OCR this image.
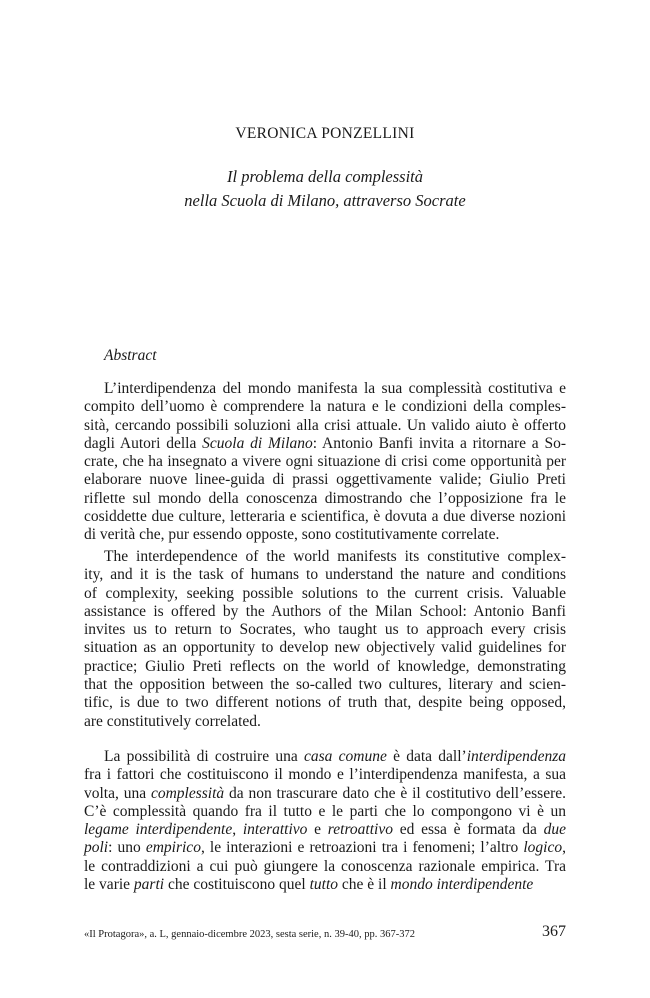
VERONICA PONZELLINI
Il problema della complessità
nella Scuola di Milano, attraverso Socrate
Abstract
L’interdipendenza del mondo manifesta la sua complessità costitutiva e
compito dell’uomo è comprendere la natura e le condizioni della comples-
sità, cercando possibili soluzioni alla crisi attuale. Un valido aiuto è offerto
dagli Autori della Scuola di Milano: Antonio Banfi invita a ritornare a So-
crate, che ha insegnato a vivere ogni situazione di crisi come opportunità per
elaborare nuove linee-guida di prassi oggettivamente valide; Giulio Preti
riflette sul mondo della conoscenza dimostrando che l’opposizione fra le
cosiddette due culture, letteraria e scientifica, è dovuta a due diverse nozioni
di verità che, pur essendo opposte, sono costitutivamente correlate.
The interdependence of the world manifests its constitutive complex-
ity, and it is the task of humans to understand the nature and conditions
of complexity, seeking possible solutions to the current crisis. Valuable
assistance is offered by the Authors of the Milan School: Antonio Banfi
invites us to return to Socrates, who taught us to approach every crisis
situation as an opportunity to develop new objectively valid guidelines for
practice; Giulio Preti reflects on the world of knowledge, demonstrating
that the opposition between the so-called two cultures, literary and scien-
tific, is due to two different notions of truth that, despite being opposed,
are constitutively correlated.
La possibilità di costruire una casa comune è data dall’interdipendenza
fra i fattori che costituiscono il mondo e l’interdipendenza manifesta, a sua
volta, una complessità da non trascurare dato che è il costitutivo dell’essere.
C’è complessità quando fra il tutto e le parti che lo compongono vi è un
legame interdipendente, interattivo e retroattivo ed essa è formata da due
poli: uno empirico, le interazioni e retroazioni tra i fenomeni; l’altro logico,
le contraddizioni a cui può giungere la conoscenza razionale empirica. Tra
le varie parti che costituiscono quel tutto che è il mondo interdipendente
«Il Protagora», a. L, gennaio-dicembre 2023, sesta serie, n. 39-40, pp. 367-372	367
